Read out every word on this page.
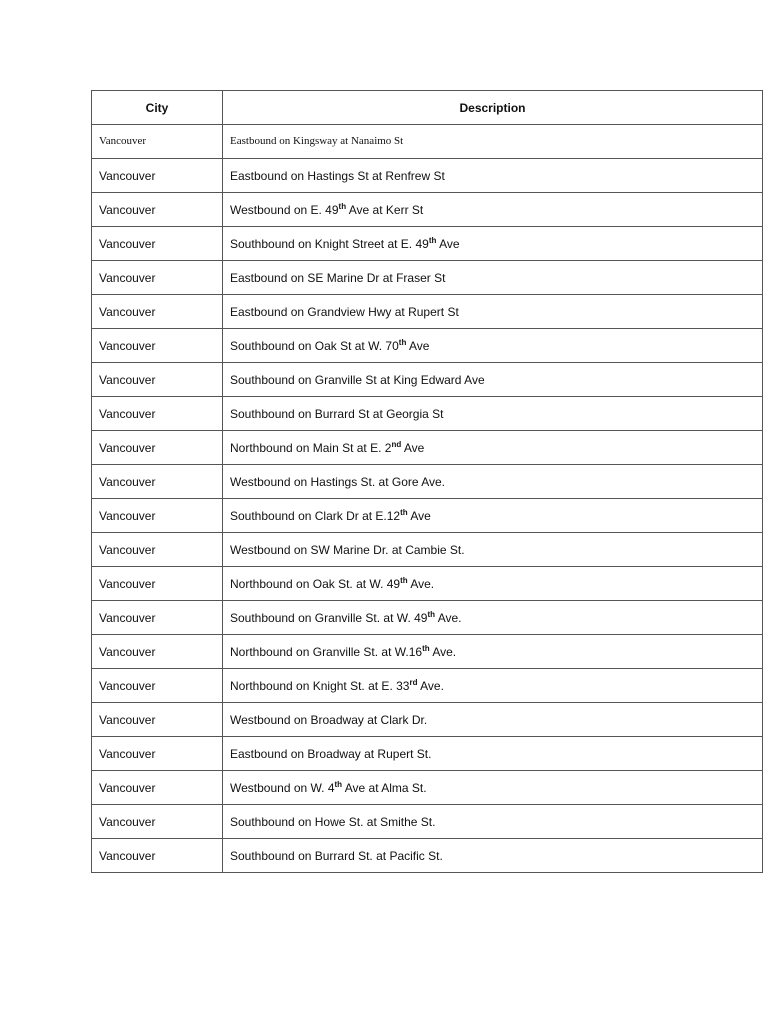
City	Description
Vancouver	Eastbound on Kingsway at Nanaimo St
Vancouver	Eastbound on Hastings St at Renfrew St
Vancouver	Westbound on E. 49th Ave at Kerr St
Vancouver	Southbound on Knight Street at E. 49th Ave
Vancouver	Eastbound on SE Marine Dr at Fraser St
Vancouver	Eastbound on Grandview Hwy at Rupert St
Vancouver	Southbound on Oak St at W. 70th Ave
Vancouver	Southbound on Granville St at King Edward Ave
Vancouver	Southbound on Burrard St at Georgia St
Vancouver	Northbound on Main St at E. 2nd Ave
Vancouver	Westbound on Hastings St. at Gore Ave.
Vancouver	Southbound on Clark Dr at E.12th Ave
Vancouver	Westbound on SW Marine Dr. at Cambie St.
Vancouver	Northbound on Oak St. at W. 49th Ave.
Vancouver	Southbound on Granville St. at W. 49th Ave.
Vancouver	Northbound on Granville St. at W.16th Ave.
Vancouver	Northbound on Knight St. at E. 33rd Ave.
Vancouver	Westbound on Broadway at Clark Dr.
Vancouver	Eastbound on Broadway at Rupert St.
Vancouver	Westbound on W. 4th Ave at Alma St.
Vancouver	Southbound on Howe St. at Smithe St.
Vancouver	Southbound on Burrard St. at Pacific St.
